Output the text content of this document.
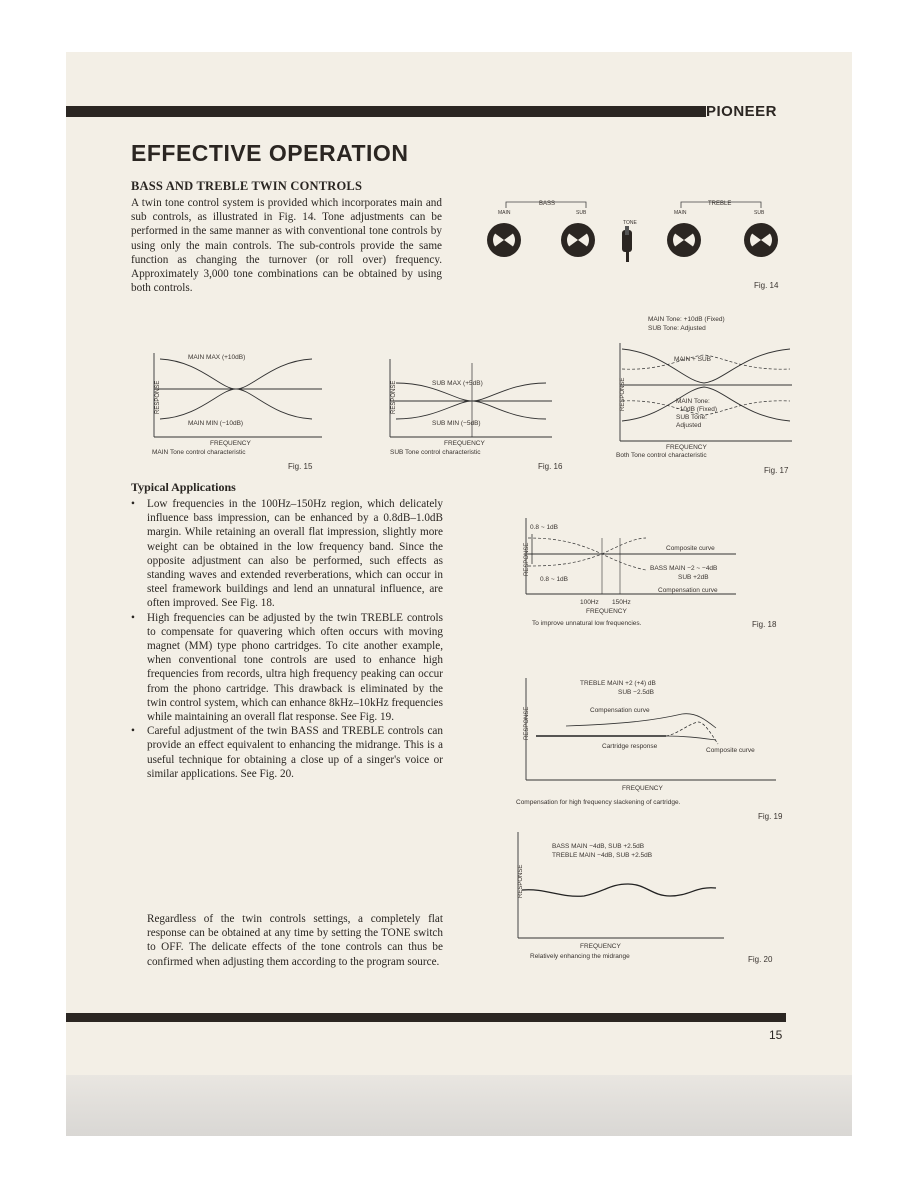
PIONEER
EFFECTIVE OPERATION
BASS AND TREBLE TWIN CONTROLS

A twin tone control system is provided which incorporates main and sub controls, as illustrated in Fig. 14. Tone adjustments can be performed in the same manner as with conventional tone controls by using only the main controls. The sub-controls provide the same function as changing the turnover (or roll over) frequency. Approximately 3,000 tone combinations can be obtained by using both controls.

Typical Applications
• Low frequencies in the 100Hz–150Hz region, which delicately influence bass impression, can be enhanced by a 0.8dB–1.0dB margin. While retaining an overall flat impression, slightly more weight can be obtained in the low frequency band. Since the opposite adjustment can also be performed, such effects as standing waves and extended reverberations, which can occur in steel framework buildings and lend an unnatural influence, are often improved. See Fig. 18.
• High frequencies can be adjusted by the twin TREBLE controls to compensate for quavering which often occurs with moving magnet (MM) type phono cartridges. To cite another example, when conventional tone controls are used to enhance high frequencies from records, ultra high frequency peaking can occur from the phono cartridge. This drawback is eliminated by the twin control system, which can enhance 8kHz–10kHz frequencies while maintaining an overall flat response. See Fig. 19.
• Careful adjustment of the twin BASS and TREBLE controls can provide an effect equivalent to enhancing the midrange. This is a useful technique for obtaining a close up of a singer's voice or similar applications. See Fig. 20.

Regardless of the twin controls settings, a completely flat response can be obtained at any time by setting the TONE switch to OFF. The delicate effects of the tone controls can thus be confirmed when adjusting them according to the program source.

BASS	TREBLE
MAIN	SUB	MAIN	SUB
TONE
Fig. 14
MAIN MAX (+10dB)
MAIN MIN (−10dB)
FREQUENCY
RESPONSE
MAIN Tone control characteristic
Fig. 15
SUB MAX (+5dB)
SUB MIN (−5dB)
FREQUENCY
RESPONSE
SUB Tone control characteristic
Fig. 16
MAIN Tone: +10dB (Fixed)
SUB Tone: Adjusted
MAIN + SUB
MAIN Tone:
−10dB (Fixed)
SUB Tone:
Adjusted
FREQUENCY
RESPONSE
Both Tone control characteristic
Fig. 17
0.8 ~ 1dB
0.8 ~ 1dB
Composite curve
BASS MAIN −2 ~ −4dB
SUB +2dB
Compensation curve
100Hz 150Hz
FREQUENCY
RESPONSE
To improve unnatural low frequencies.	Fig. 18
TREBLE MAIN +2 (+4) dB
SUB −2.5dB
Compensation curve
Cartridge response
Composite curve
FREQUENCY
RESPONSE
Compensation for high frequency slackening of cartridge.
Fig. 19
BASS MAIN −4dB, SUB +2.5dB
TREBLE MAIN −4dB, SUB +2.5dB
FREQUENCY
RESPONSE
Relatively enhancing the midrange	Fig. 20
15
